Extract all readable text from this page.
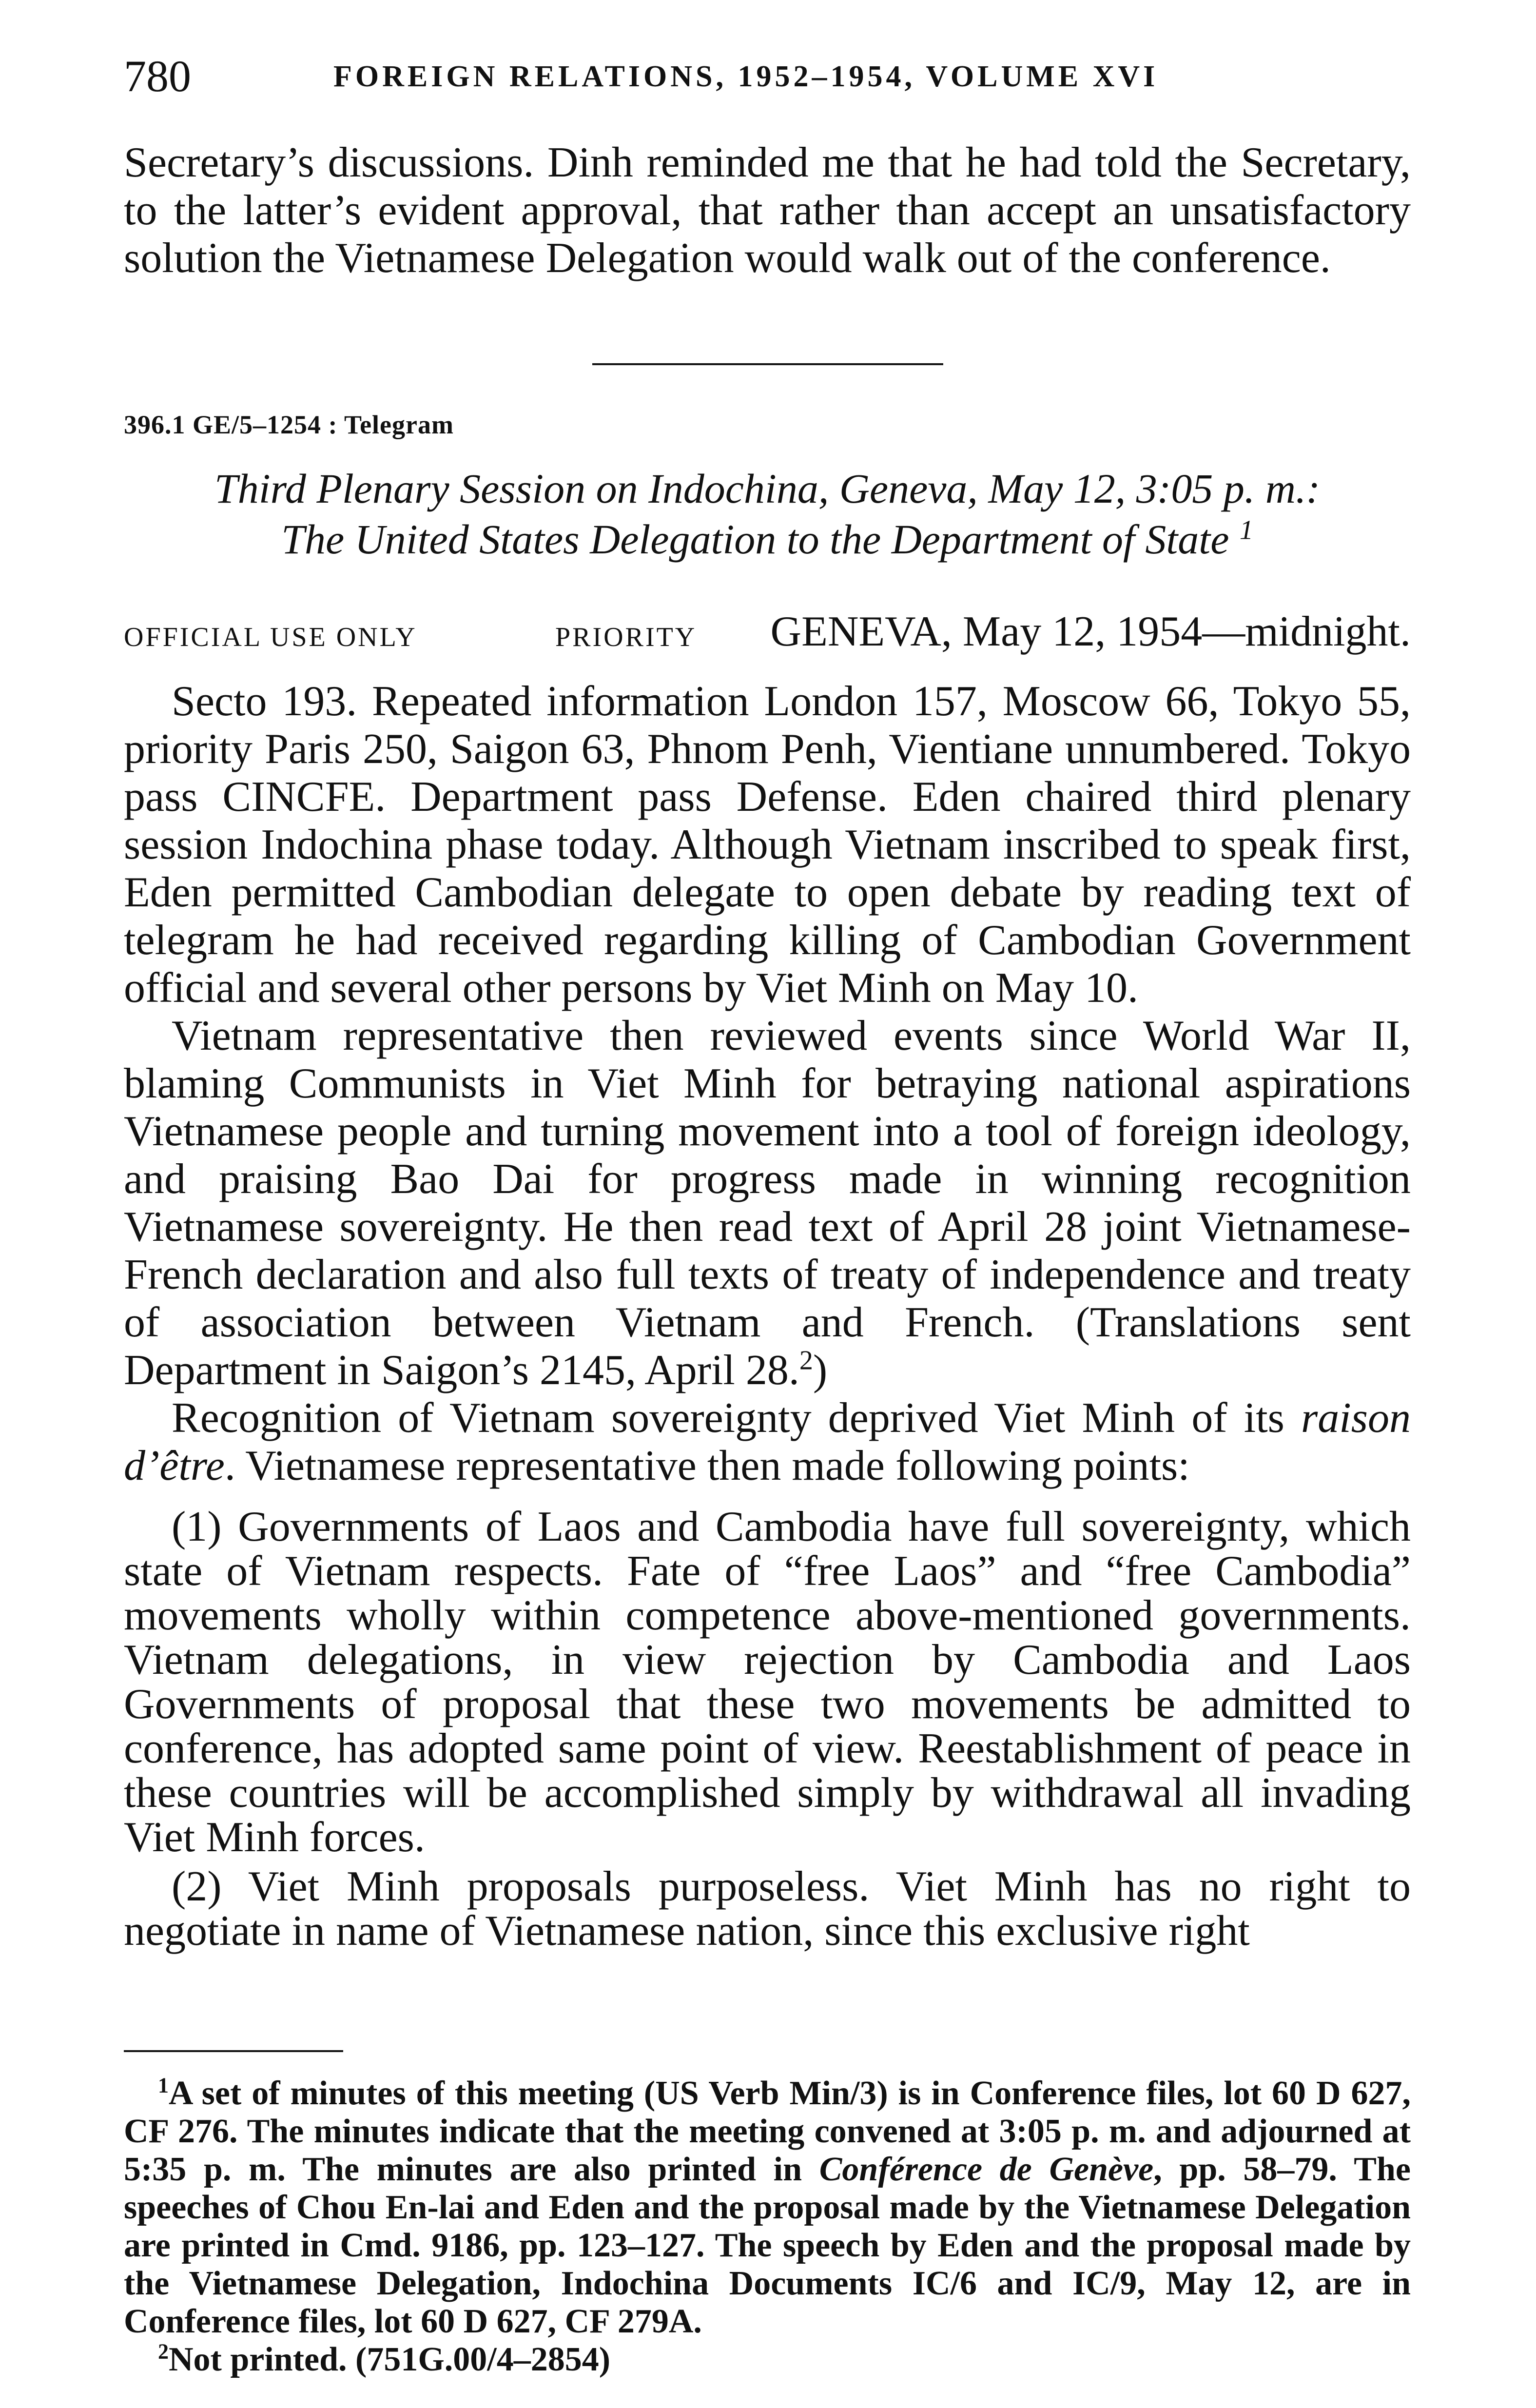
780	FOREIGN RELATIONS, 1952–1954, VOLUME XVI

Secretary’s discussions. Dinh reminded me that he had told the Secretary, to the latter’s evident approval, that rather than accept an unsatisfactory solution the Vietnamese Delegation would walk out of the conference.

396.1 GE/5–1254 : Telegram
Third Plenary Session on Indochina, Geneva, May 12, 3:05 p. m.:
The United States Delegation to the Department of State $^1$
OFFICIAL USE ONLY	PRIORITY GENEVA, May 12, 1954—midnight.

Secto 193. Repeated information London 157, Moscow 66, Tokyo 55, priority Paris 250, Saigon 63, Phnom Penh, Vientiane unnumbered. Tokyo pass CINCFE. Department pass Defense. Eden chaired third plenary session Indochina phase today. Although Vietnam inscribed to speak first, Eden permitted Cambodian delegate to open debate by reading text of telegram he had received regarding killing of Cambodian Government official and several other persons by Viet Minh on May 10.

Vietnam representative then reviewed events since World War II, blaming Communists in Viet Minh for betraying national aspirations Vietnamese people and turning movement into a tool of foreign ideology, and praising Bao Dai for progress made in winning recognition Vietnamese sovereignty. He then read text of April 28 joint Vietnamese-French declaration and also full texts of treaty of independence and treaty of association between Vietnam and French. (Translations sent Department in Saigon’s 2145, April 28.$^2$)

Recognition of Vietnam sovereignty deprived Viet Minh of its raison d’être. Vietnamese representative then made following points:

(1) Governments of Laos and Cambodia have full sovereignty, which state of Vietnam respects. Fate of “free Laos” and “free Cambodia” movements wholly within competence above-mentioned governments. Vietnam delegations, in view rejection by Cambodia and Laos Governments of proposal that these two movements be admitted to conference, has adopted same point of view. Reestablishment of peace in these countries will be accomplished simply by withdrawal all invading Viet Minh forces.

(2) Viet Minh proposals purposeless. Viet Minh has no right to negotiate in name of Vietnamese nation, since this exclusive right

$^1$A set of minutes of this meeting (US Verb Min/3) is in Conference files, lot 60 D 627, CF 276. The minutes indicate that the meeting convened at 3:05 p. m. and adjourned at 5:35 p. m. The minutes are also printed in Conférence de Genève, pp. 58–79. The speeches of Chou En-lai and Eden and the proposal made by the Vietnamese Delegation are printed in Cmd. 9186, pp. 123–127. The speech by Eden and the proposal made by the Vietnamese Delegation, Indochina Documents IC/6 and IC/9, May 12, are in Conference files, lot 60 D 627, CF 279A.

$^2$Not printed. (751G.00/4–2854)
